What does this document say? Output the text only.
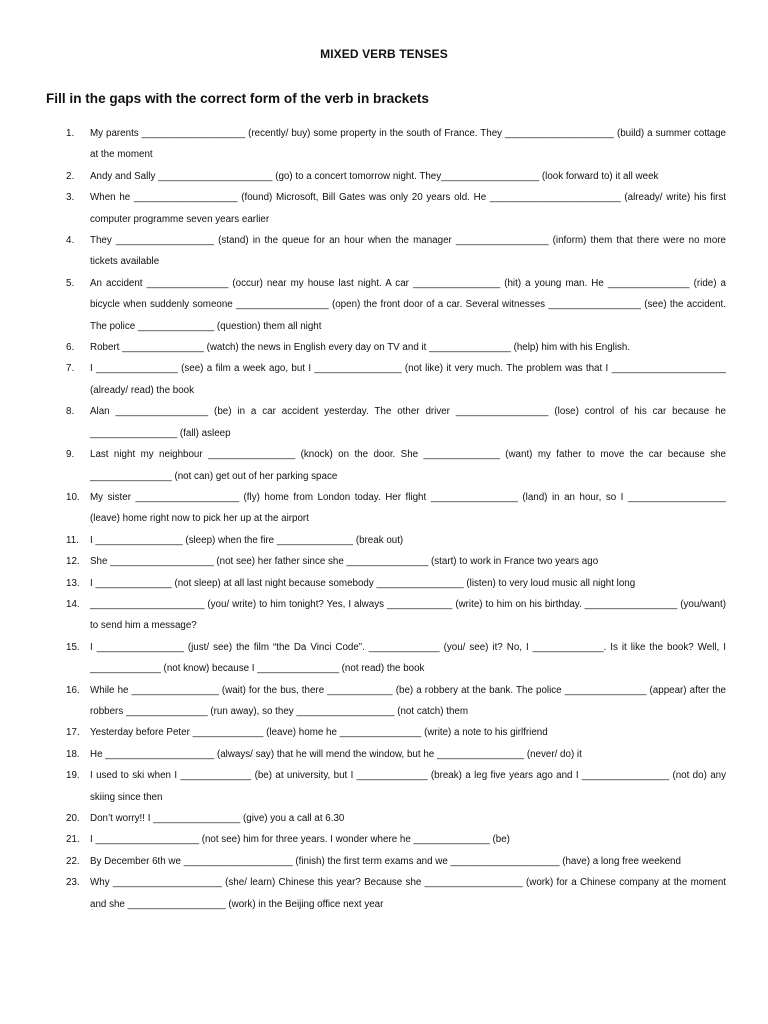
MIXED VERB TENSES
Fill in the gaps with the correct form of the verb in brackets
1. My parents ___________________ (recently/ buy) some property in the south of France. They ____________________ (build) a summer cottage at the moment
2. Andy and Sally _____________________ (go) to a concert tomorrow night. They__________________ (look forward to) it all week
3. When he ___________________ (found) Microsoft, Bill Gates was only 20 years old. He ________________________ (already/ write) his first computer programme seven years earlier
4. They __________________ (stand) in the queue for an hour when the manager _________________ (inform) them that there were no more tickets available
5. An accident _______________ (occur) near my house last night. A car ________________ (hit) a young man. He _______________ (ride) a bicycle when suddenly someone _________________ (open) the front door of a car. Several witnesses _________________ (see) the accident. The police ______________ (question) them all night
6. Robert _______________ (watch) the news in English every day on TV and it _______________ (help) him with his English.
7. I _______________ (see) a film a week ago, but I ________________ (not like) it very much. The problem was that I _____________________ (already/ read) the book
8. Alan _________________ (be) in a car accident yesterday. The other driver _________________ (lose) control of his car because he ________________ (fall) asleep
9. Last night my neighbour ________________ (knock) on the door. She ______________ (want) my father to move the car because she _______________ (not can) get out of her parking space
10. My sister ___________________ (fly) home from London today. Her flight ________________ (land) in an hour, so I __________________ (leave) home right now to pick her up at the airport
11. I ________________ (sleep) when the fire ______________ (break out)
12. She ___________________ (not see) her father since she _______________ (start) to work in France two years ago
13. I ______________ (not sleep) at all last night because somebody ________________ (listen) to very loud music all night long
14. _____________________ (you/ write) to him tonight? Yes, I always ____________ (write) to him on his birthday. _________________ (you/want) to send him a message?
15. I ________________ (just/ see) the film “the Da Vinci Code”. _____________ (you/ see) it? No, I _____________. Is it like the book? Well, I _____________ (not know) because I _______________ (not read) the book
16. While he ________________ (wait) for the bus, there ____________ (be) a robbery at the bank. The police _______________ (appear) after the robbers _______________ (run away), so they __________________ (not catch) them
17. Yesterday before Peter _____________ (leave) home he _______________ (write) a note to his girlfriend
18. He ____________________ (always/ say) that he will mend the window, but he ________________ (never/ do) it
19. I used to ski when I _____________ (be) at university, but I _____________ (break) a leg five years ago and I ________________ (not do) any skiing since then
20. Don’t worry!! I ________________ (give) you a call at 6.30
21. I ___________________ (not see) him for three years. I wonder where he ______________ (be)
22. By December 6th we ____________________ (finish) the first term exams and we ____________________ (have) a long free weekend
23. Why ____________________ (she/ learn) Chinese this year? Because she __________________ (work) for a Chinese company at the moment and she __________________ (work) in the Beijing office next year
